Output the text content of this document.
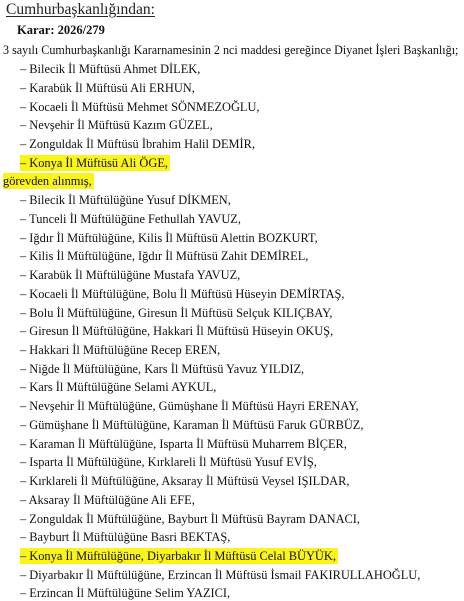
Cumhurbaşkanlığından:
Karar: 2026/279
3 sayılı Cumhurbaşkanlığı Kararnamesinin 2 nci maddesi gereğince Diyanet İşleri Başkanlığı;
– Bilecik İl Müftüsü Ahmet DİLEK,
– Karabük İl Müftüsü Ali ERHUN,
– Kocaeli İl Müftüsü Mehmet SÖNMEZOĞLU,
– Nevşehir İl Müftüsü Kazım GÜZEL,
– Zonguldak İl Müftüsü İbrahim Halil DEMİR,
– Konya İl Müftüsü Ali ÖGE,
görevden alınmış,
– Bilecik İl Müftülüğüne Yusuf DİKMEN,
– Tunceli İl Müftülüğüne Fethullah YAVUZ,
– Iğdır İl Müftülüğüne, Kilis İl Müftüsü Alettin BOZKURT,
– Kilis İl Müftülüğüne, Iğdır İl Müftüsü Zahit DEMİREL,
– Karabük İl Müftülüğüne Mustafa YAVUZ,
– Kocaeli İl Müftülüğüne, Bolu İl Müftüsü Hüseyin DEMİRTAŞ,
– Bolu İl Müftülüğüne, Giresun İl Müftüsü Selçuk KILIÇBAY,
– Giresun İl Müftülüğüne, Hakkari İl Müftüsü Hüseyin OKUŞ,
– Hakkari İl Müftülüğüne Recep EREN,
– Niğde İl Müftülüğüne, Kars İl Müftüsü Yavuz YILDIZ,
– Kars İl Müftülüğüne Selami AYKUL,
– Nevşehir İl Müftülüğüne, Gümüşhane İl Müftüsü Hayri ERENAY,
– Gümüşhane İl Müftülüğüne, Karaman İl Müftüsü Faruk GÜRBÜZ,
– Karaman İl Müftülüğüne, Isparta İl Müftüsü Muharrem BİÇER,
– Isparta İl Müftülüğüne, Kırklareli İl Müftüsü Yusuf EVİŞ,
– Kırklareli İl Müftülüğüne, Aksaray İl Müftüsü Veysel IŞILDAR,
– Aksaray İl Müftülüğüne Ali EFE,
– Zonguldak İl Müftülüğüne, Bayburt İl Müftüsü Bayram DANACI,
– Bayburt İl Müftülüğüne Basri BEKTAŞ,
– Konya İl Müftülüğüne, Diyarbakır İl Müftüsü Celal BÜYÜK,
– Diyarbakır İl Müftülüğüne, Erzincan İl Müftüsü İsmail FAKIRULLAHOĞLU,
– Erzincan İl Müftülüğüne Selim YAZICI,
